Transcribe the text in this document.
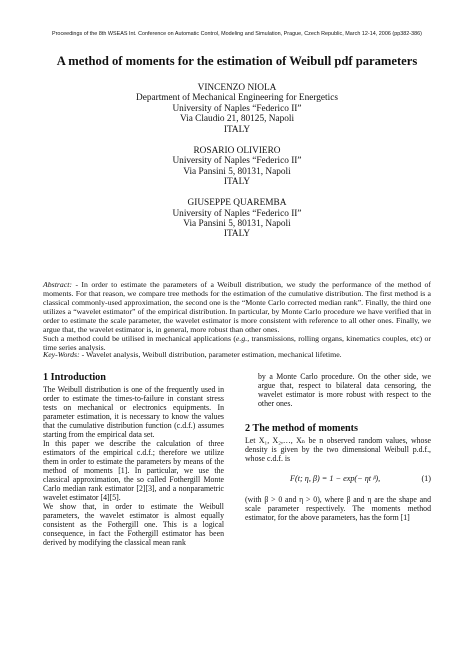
Proceedings of the 8th WSEAS Int. Conference on Automatic Control, Modeling and Simulation, Prague, Czech Republic, March 12-14, 2006 (pp382-386)
A method of moments for the estimation of Weibull pdf parameters
VINCENZO NIOLA
Department of Mechanical Engineering for Energetics
University of Naples “Federico II”
Via Claudio 21, 80125, Napoli
ITALY
ROSARIO OLIVIERO
University of Naples “Federico II”
Via Pansini 5, 80131, Napoli
ITALY
GIUSEPPE QUAREMBA
University of Naples “Federico II”
Via Pansini 5, 80131, Napoli
ITALY

Abstract: - In order to estimate the parameters of a Weibull distribution, we study the performance of the method of moments. For that reason, we compare tree methods for the estimation of the cumulative distribution. The first method is a classical commonly-used approximation, the second one is the “Monte Carlo corrected median rank”. Finally, the third one utilizes a “wavelet estimator” of the empirical distribution. In particular, by Monte Carlo procedure we have verified that in order to estimate the scale parameter, the wavelet estimator is more consistent with reference to all other ones. Finally, we argue that, the wavelet estimator is, in general, more robust than other ones.

Such a method could be utilised in mechanical applications (e.g., transmissions, rolling organs, kinematics couples, etc) or time series analysis.

Key-Words: - Wavelet analysis, Weibull distribution, parameter estimation, mechanical lifetime.
1 Introduction

The Weibull distribution is one of the frequently used in order to estimate the times-to-failure in constant stress tests on mechanical or electronics equipments. In parameter estimation, it is necessary to know the values that the cumulative distribution function (c.d.f.) assumes starting from the empirical data set.

In this paper we describe the calculation of three estimators of the empirical c.d.f.; therefore we utilize them in order to estimate the parameters by means of the method of moments [1]. In particular, we use the classical approximation, the so called Fothergill Monte Carlo median rank estimator [2][3], and a nonparametric wavelet estimator [4][5].

We show that, in order to estimate the Weibull parameters, the wavelet estimator is almost equally consistent as the Fothergill one. This is a logical consequence, in fact the Fothergill estimator has been derived by modifying the classical mean rank

by a Monte Carlo procedure. On the other side, we argue that, respect to bilateral data censoring, the wavelet estimator is more robust with respect to the other ones.

2 The method of moments

Let X₁, X₂,…, Xₙ be n observed random values, whose density is given by the two dimensional Weibull p.d.f., whose c.d.f. is

F(t; η, β) = 1 − exp(− ηt ᵝ),	(1)

(with β > 0 and η > 0), where β and η are the shape and scale parameter respectively. The moments method estimator, for the above parameters, has the form [1]
